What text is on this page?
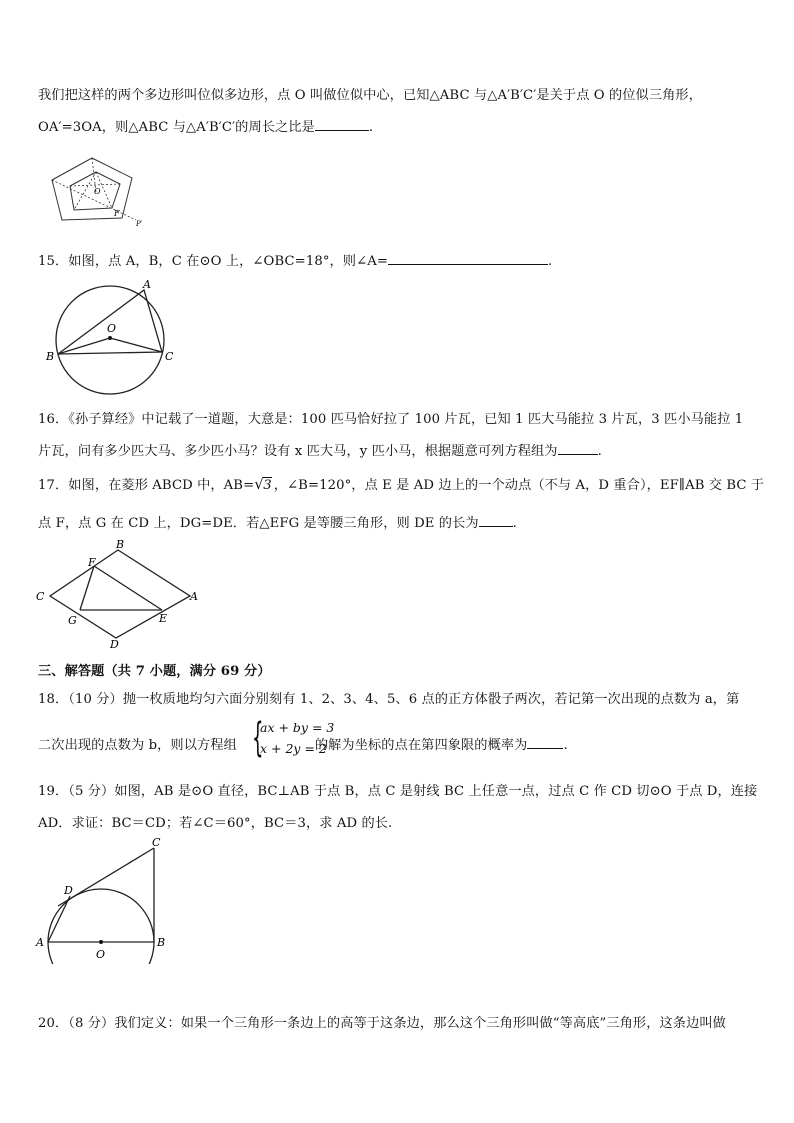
我们把这样的两个多边形叫位似多边形，点 O 叫做位似中心，已知△ABC 与△A′B′C′是关于点 O 的位似三角形，
OA′=3OA，则△ABC 与△A′B′C′的周长之比是	.
O
F
P′
15．如图，点 A，B，C 在⊙O 上，∠OBC=18°，则∠A=	.
A
O
B	C
16．《孙子算经》中记载了一道题，大意是：100 匹马恰好拉了 100 片瓦，已知 1 匹大马能拉 3 片瓦，3 匹小马能拉 1
片瓦，问有多少匹大马、多少匹小马？设有 x 匹大马，y 匹小马，根据题意可列方程组为	.
17．如图，在菱形 ABCD 中，AB= √ 3 ，∠B=120°，点 E 是 AD 边上的一个动点（不与 A，D 重合），EF∥AB 交 BC 于
点 F，点 G 在 CD 上，DG=DE．若△EFG 是等腰三角形，则 DE 的长为	.
B
F
C	A
G	E
D
三、解答题（共 7 小题，满分 69 分）
18．（10 分）抛一枚质地均匀六面分别刻有 1、2、3、4、5、6 点的正方体骰子两次，若记第一次出现的点数为 a，第
二次出现的点数为 b，则以方程组	的解为坐标的点在第四象限的概率为	.
{
ax + by = 3
x + 2y = 2
19．（5 分）如图，AB 是⊙O 直径，BC⊥AB 于点 B，点 C 是射线 BC 上任意一点，过点 C 作 CD 切⊙O 于点 D，连接
AD．求证：BC＝CD；若∠C＝60°，BC＝3，求 AD 的长.
C
D
A
O
B
20．（8 分）我们定义：如果一个三角形一条边上的高等于这条边，那么这个三角形叫做“等高底”三角形，这条边叫做
